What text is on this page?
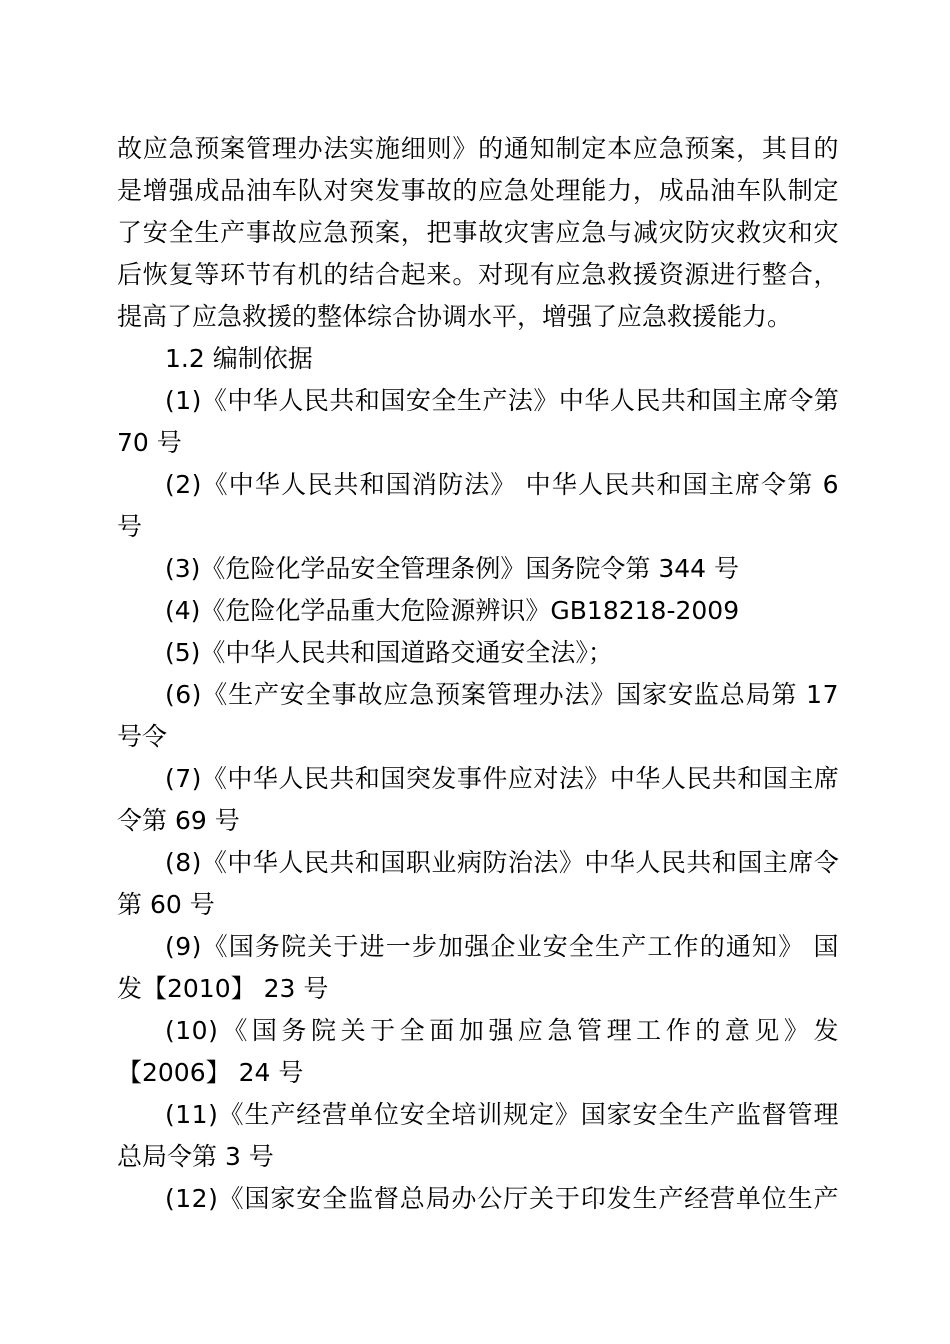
故应急预案管理办法实施细则》的通知制定本应急预案，其目的
是增强成品油车队对突发事故的应急处理能力，成品油车队制定
了安全生产事故应急预案，把事故灾害应急与减灾防灾救灾和灾
后恢复等环节有机的结合起来。对现有应急救援资源进行整合，
提高了应急救援的整体综合协调水平，增强了应急救援能力。
1.2 编制依据
(1)《中华人民共和国安全生产法》中华人民共和国主席令第
70 号
(2)《中华人民共和国消防法》 中华人民共和国主席令第 6
号
(3)《危险化学品安全管理条例》国务院令第 344 号
(4)《危险化学品重大危险源辨识》GB18218-2009
(5)《中华人民共和国道路交通安全法》；
(6)《生产安全事故应急预案管理办法》国家安监总局第 17
号令
(7)《中华人民共和国突发事件应对法》中华人民共和国主席
令第 69 号
(8)《中华人民共和国职业病防治法》中华人民共和国主席令
第 60 号
(9)《国务院关于进一步加强企业安全生产工作的通知》 国
发【2010】 23 号
(10)《国务院关于全面加强应急管理工作的意见》发
【2006】 24 号
(11)《生产经营单位安全培训规定》国家安全生产监督管理
总局令第 3 号
(12)《国家安全监督总局办公厅关于印发生产经营单位生产
